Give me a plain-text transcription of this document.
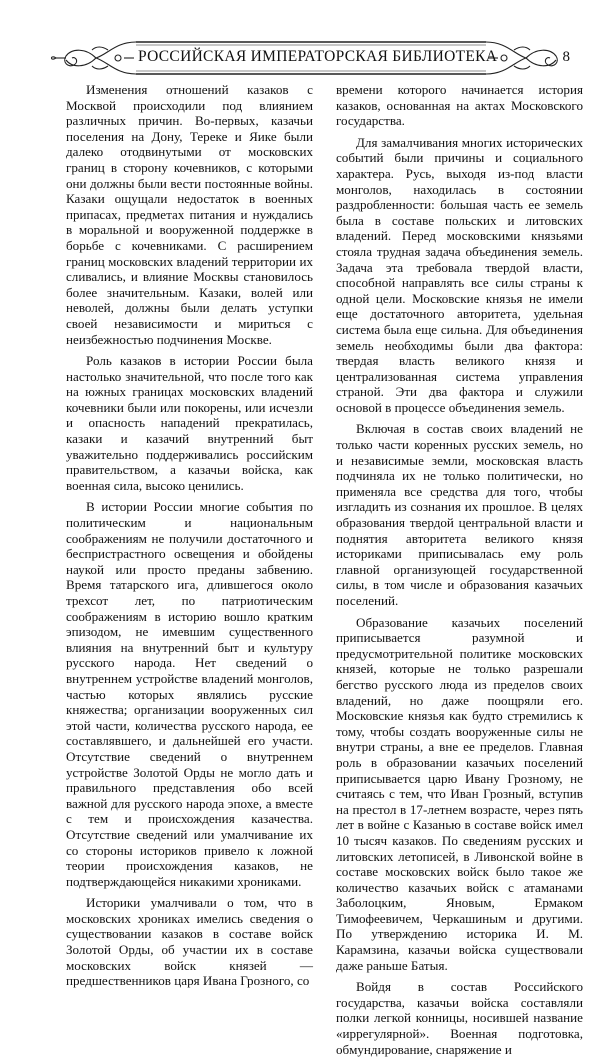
РОССИЙСКАЯ ИМПЕРАТОРСКАЯ БИБЛИОТЕКА	8

Изменения отношений казаков с Москвой происходили под влиянием различных причин. Во-первых, казачьи поселения на Дону, Тереке и Яике были далеко отодвинутыми от московских границ в сторону кочевников, с которыми они должны были вести постоянные войны. Казаки ощущали недостаток в военных припасах, предметах питания и нуждались в моральной и вооруженной поддержке в борьбе с кочевниками. С расширением границ московских владений территории их сливались, и влияние Москвы становилось более значительным. Казаки, волей или неволей, должны были делать уступки своей независимости и мириться с неизбежностью подчинения Москве.

Роль казаков в истории России была настолько значительной, что после того как на южных границах московских владений кочевники были или покорены, или исчезли и опасность нападений прекратилась, казаки и казачий внутренний быт уважительно поддерживались российским правительством, а казачьи войска, как военная сила, высоко ценились.

В истории России многие события по политическим и национальным соображениям не получили достаточного и беспристрастного освещения и обойдены наукой или просто преданы забвению. Время татарского ига, длившегося около трехсот лет, по патриотическим соображениям в историю вошло кратким эпизодом, не имевшим существенного влияния на внутренний быт и культуру русского народа. Нет сведений о внутреннем устройстве владений монголов, частью которых являлись русские княжества; организации вооруженных сил этой части, количества русского народа, ее составлявшего, и дальнейшей его участи. Отсутствие сведений о внутреннем устройстве Золотой Орды не могло дать и правильного представления обо всей важной для русского народа эпохе, а вместе с тем и происхождения казачества. Отсутствие сведений или умалчивание их со стороны историков привело к ложной теории происхождения казаков, не подтверждающейся никакими хрониками.

Историки умалчивали о том, что в московских хрониках имелись сведения о существовании казаков в составе войск Золотой Орды, об участии их в составе московских войск князей — предшественников царя Ивана Грозного, со

времени которого начинается история казаков, основанная на актах Московского государства.

Для замалчивания многих исторических событий были причины и социального характера. Русь, выходя из-под власти монголов, находилась в состоянии раздробленности: большая часть ее земель была в составе польских и литовских владений. Перед московскими князьями стояла трудная задача объединения земель. Задача эта требовала твердой власти, способной направлять все силы страны к одной цели. Московские князья не имели еще достаточного авторитета, удельная система была еще сильна. Для объединения земель необходимы были два фактора: твердая власть великого князя и централизованная система управления страной. Эти два фактора и служили основой в процессе объединения земель.

Включая в состав своих владений не только части коренных русских земель, но и независимые земли, московская власть подчиняла их не только политически, но применяла все средства для того, чтобы изгладить из сознания их прошлое. В целях образования твердой центральной власти и поднятия авторитета великого князя историками приписывалась ему роль главной организующей государственной силы, в том числе и образования казачьих поселений.

Образование казачьих поселений приписывается разумной и предусмотрительной политике московских князей, которые не только разрешали бегство русского люда из пределов своих владений, но даже поощряли его. Московские князья как будто стремились к тому, чтобы создать вооруженные силы не внутри страны, а вне ее пределов. Главная роль в образовании казачьих поселений приписывается царю Ивану Грозному, не считаясь с тем, что Иван Грозный, вступив на престол в 17-летнем возрасте, через пять лет в войне с Казанью в составе войск имел 10 тысяч казаков. По сведениям русских и литовских летописей, в Ливонской войне в составе московских войск было такое же количество казачьих войск с атаманами Заболоцким, Яновым, Ермаком Тимофеевичем, Черкашиным и другими. По утверждению историка И. М. Карамзина, казачьи войска существовали даже раньше Батыя.

Войдя в состав Российского государства, казачьи войска составляли полки легкой конницы, носившей название «иррегулярной». Военная подготовка, обмундирование, снаряжение и
